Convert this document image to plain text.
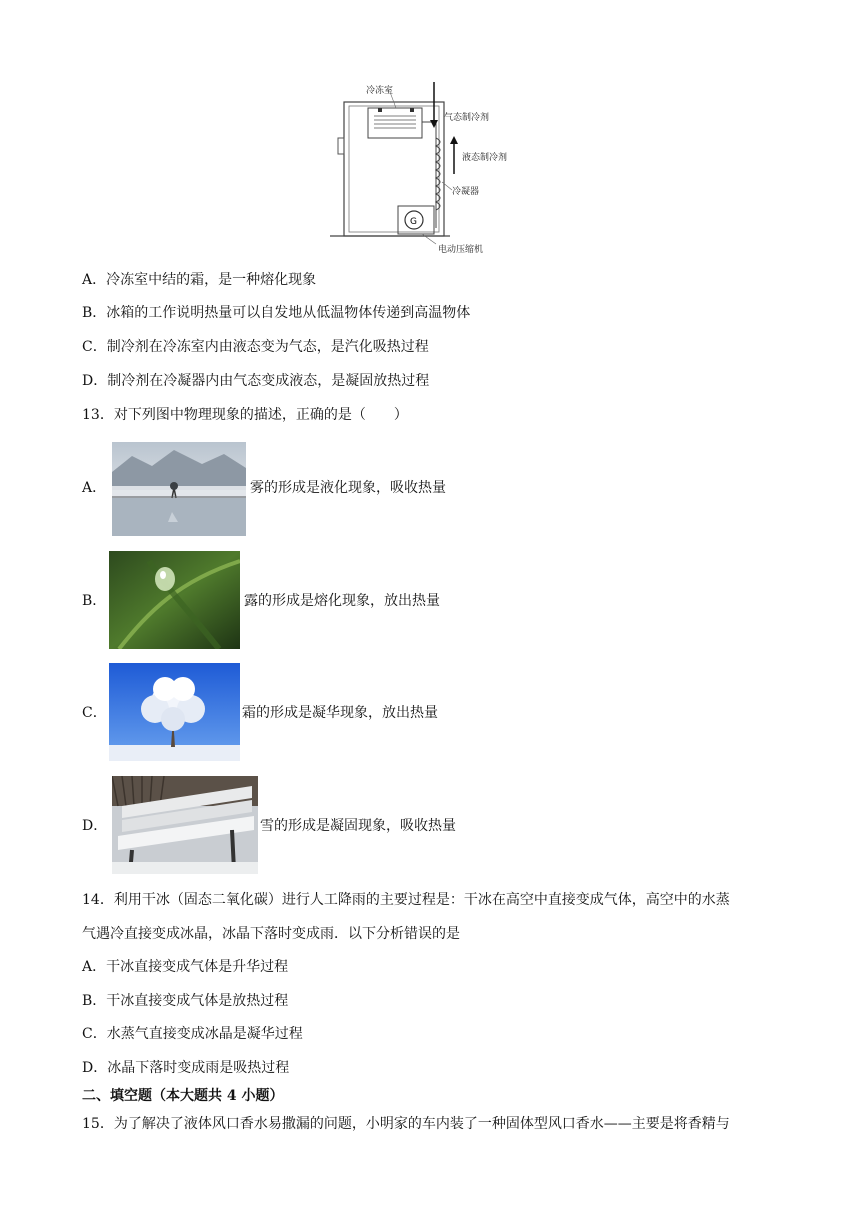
G
冷冻室
气态制冷剂
液态制冷剂
冷凝器
电动压缩机
A．冷冻室中结的霜，是一种熔化现象
B．冰箱的工作说明热量可以自发地从低温物体传递到高温物体
C．制冷剂在冷冻室内由液态变为气态，是汽化吸热过程
D．制冷剂在冷凝器内由气态变成液态，是凝固放热过程
13．对下列图中物理现象的描述，正确的是（　　）
A．	雾的形成是液化现象，吸收热量
B．	露的形成是熔化现象，放出热量
C．	霜的形成是凝华现象，放出热量
D．	雪的形成是凝固现象，吸收热量
14．利用干冰（固态二氧化碳）进行人工降雨的主要过程是：干冰在高空中直接变成气体，高空中的水蒸
气遇冷直接变成冰晶，冰晶下落时变成雨．以下分析错误的是
A．干冰直接变成气体是升华过程
B．干冰直接变成气体是放热过程
C．水蒸气直接变成冰晶是凝华过程
D．冰晶下落时变成雨是吸热过程
二、填空题（本大题共 4 小题）
15．为了解决了液体风口香水易撒漏的问题，小明家的车内装了一种固体型风口香水——主要是将香精与
